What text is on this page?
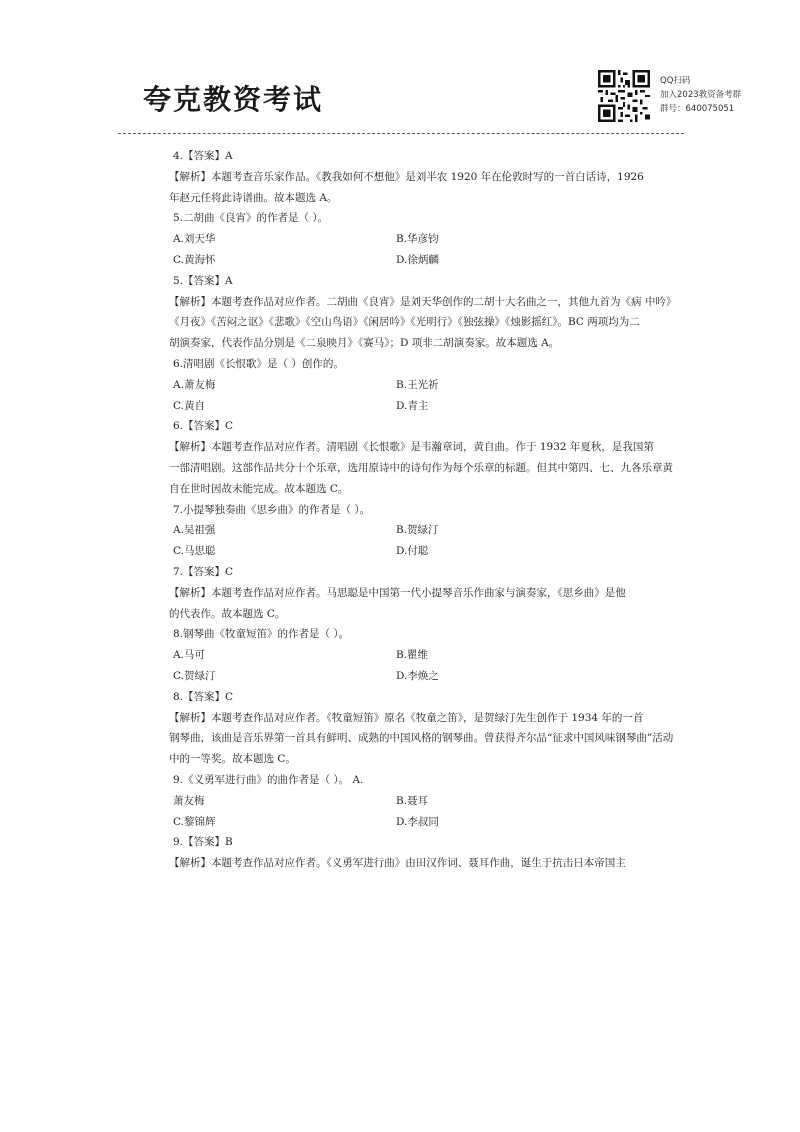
夸克教资考试
QQ扫码
加入2023教资备考群
群号：640075051
4.【答案】A
【解析】本题考查音乐家作品。《教我如何不想他》是刘半农 1920 年在伦敦时写的一首白话诗，1926
年赵元任将此诗谱曲。故本题选 A。
5.二胡曲《良宵》的作者是（ ）。
A.刘天华	B.华彦钧
C.黄海怀	D.徐炳麟
5.【答案】A
【解析】本题考查作品对应作者。二胡曲《良宵》是刘天华创作的二胡十大名曲之一，其他九首为《病 中吟》
《月夜》《苦闷之讴》《悲歌》《空山鸟语》《闲居吟》《光明行》《独弦操》《烛影摇红》。BC 两项均为二
胡演奏家，代表作品分别是《二泉映月》《赛马》；D 项非二胡演奏家。故本题选 A。
6.清唱剧《长恨歌》是（ ）创作的。
A.萧友梅	B.王光祈
C.黄自	D.青主
6.【答案】C
【解析】本题考查作品对应作者。清唱剧《长恨歌》是韦瀚章词，黄自曲。作于 1932 年夏秋，是我国第
一部清唱剧。这部作品共分十个乐章，选用原诗中的诗句作为每个乐章的标题。但其中第四、七、九各乐章黄
自在世时因故未能完成。故本题选 C。
7.小提琴独奏曲《思乡曲》的作者是（ ）。
A.吴祖强	B.贺绿汀
C.马思聪	D.付聪
7.【答案】C
【解析】本题考查作品对应作者。马思聪是中国第一代小提琴音乐作曲家与演奏家，《思乡曲》是他
的代表作。故本题选 C。
8.钢琴曲《牧童短笛》的作者是（ ）。
A.马可	B.瞿维
C.贺绿汀	D.李焕之
8.【答案】C
【解析】本题考查作品对应作者。《牧童短笛》原名《牧童之笛》，是贺绿汀先生创作于 1934 年的一首
钢琴曲，该曲是音乐界第一首具有鲜明、成熟的中国风格的钢琴曲。曾获得齐尔品“征求中国风味钢琴曲”活动
中的一等奖。故本题选 C。
9.《义勇军进行曲》的曲作者是（ ）。 A.
萧友梅	B.聂耳
C.黎锦辉	D.李叔同
9.【答案】B
【解析】本题考查作品对应作者。《义勇军进行曲》由田汉作词、聂耳作曲，诞生于抗击日本帝国主
